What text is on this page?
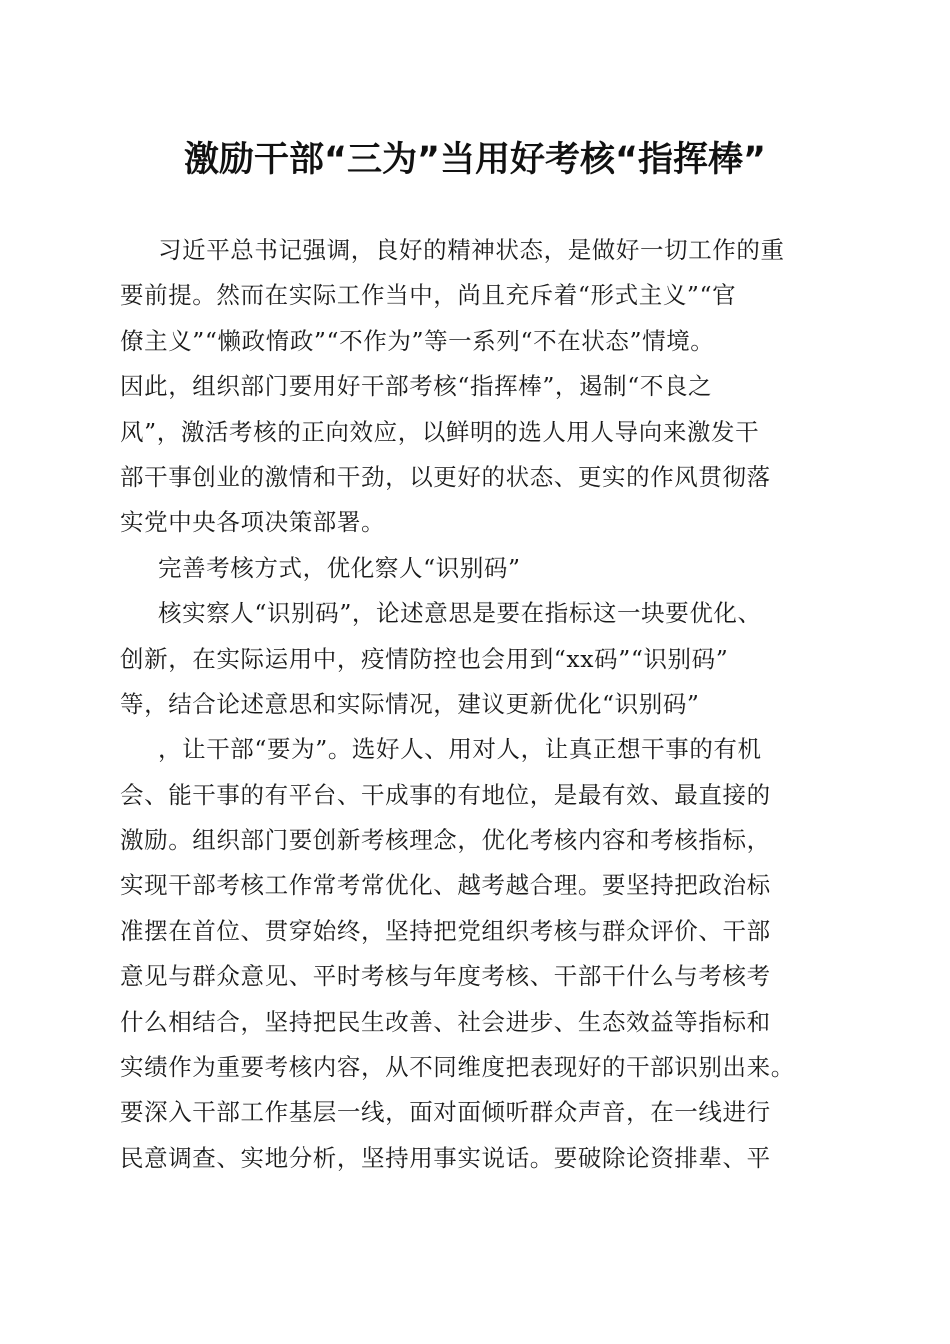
激励干部“三为”当用好考核“指挥棒”
习近平总书记强调，良好的精神状态，是做好一切工作的重
要前提。然而在实际工作当中，尚且充斥着“形式主义”“官
僚主义”“懒政惰政”“不作为”等一系列“不在状态”情境。
因此，组织部门要用好干部考核“指挥棒”，遏制“不良之
风”，激活考核的正向效应，以鲜明的选人用人导向来激发干
部干事创业的激情和干劲，以更好的状态、更实的作风贯彻落
实党中央各项决策部署。
完善考核方式，优化察人“识别码”
核实察人“识别码”，论述意思是要在指标这一块要优化、
创新，在实际运用中，疫情防控也会用到“xx码”“识别码”
等，结合论述意思和实际情况，建议更新优化“识别码”
，让干部“要为”。选好人、用对人，让真正想干事的有机
会、能干事的有平台、干成事的有地位，是最有效、最直接的
激励。组织部门要创新考核理念，优化考核内容和考核指标，
实现干部考核工作常考常优化、越考越合理。要坚持把政治标
准摆在首位、贯穿始终，坚持把党组织考核与群众评价、干部
意见与群众意见、平时考核与年度考核、干部干什么与考核考
什么相结合，坚持把民生改善、社会进步、生态效益等指标和
实绩作为重要考核内容，从不同维度把表现好的干部识别出来。
要深入干部工作基层一线，面对面倾听群众声音，在一线进行
民意调查、实地分析，坚持用事实说话。要破除论资排辈、平
